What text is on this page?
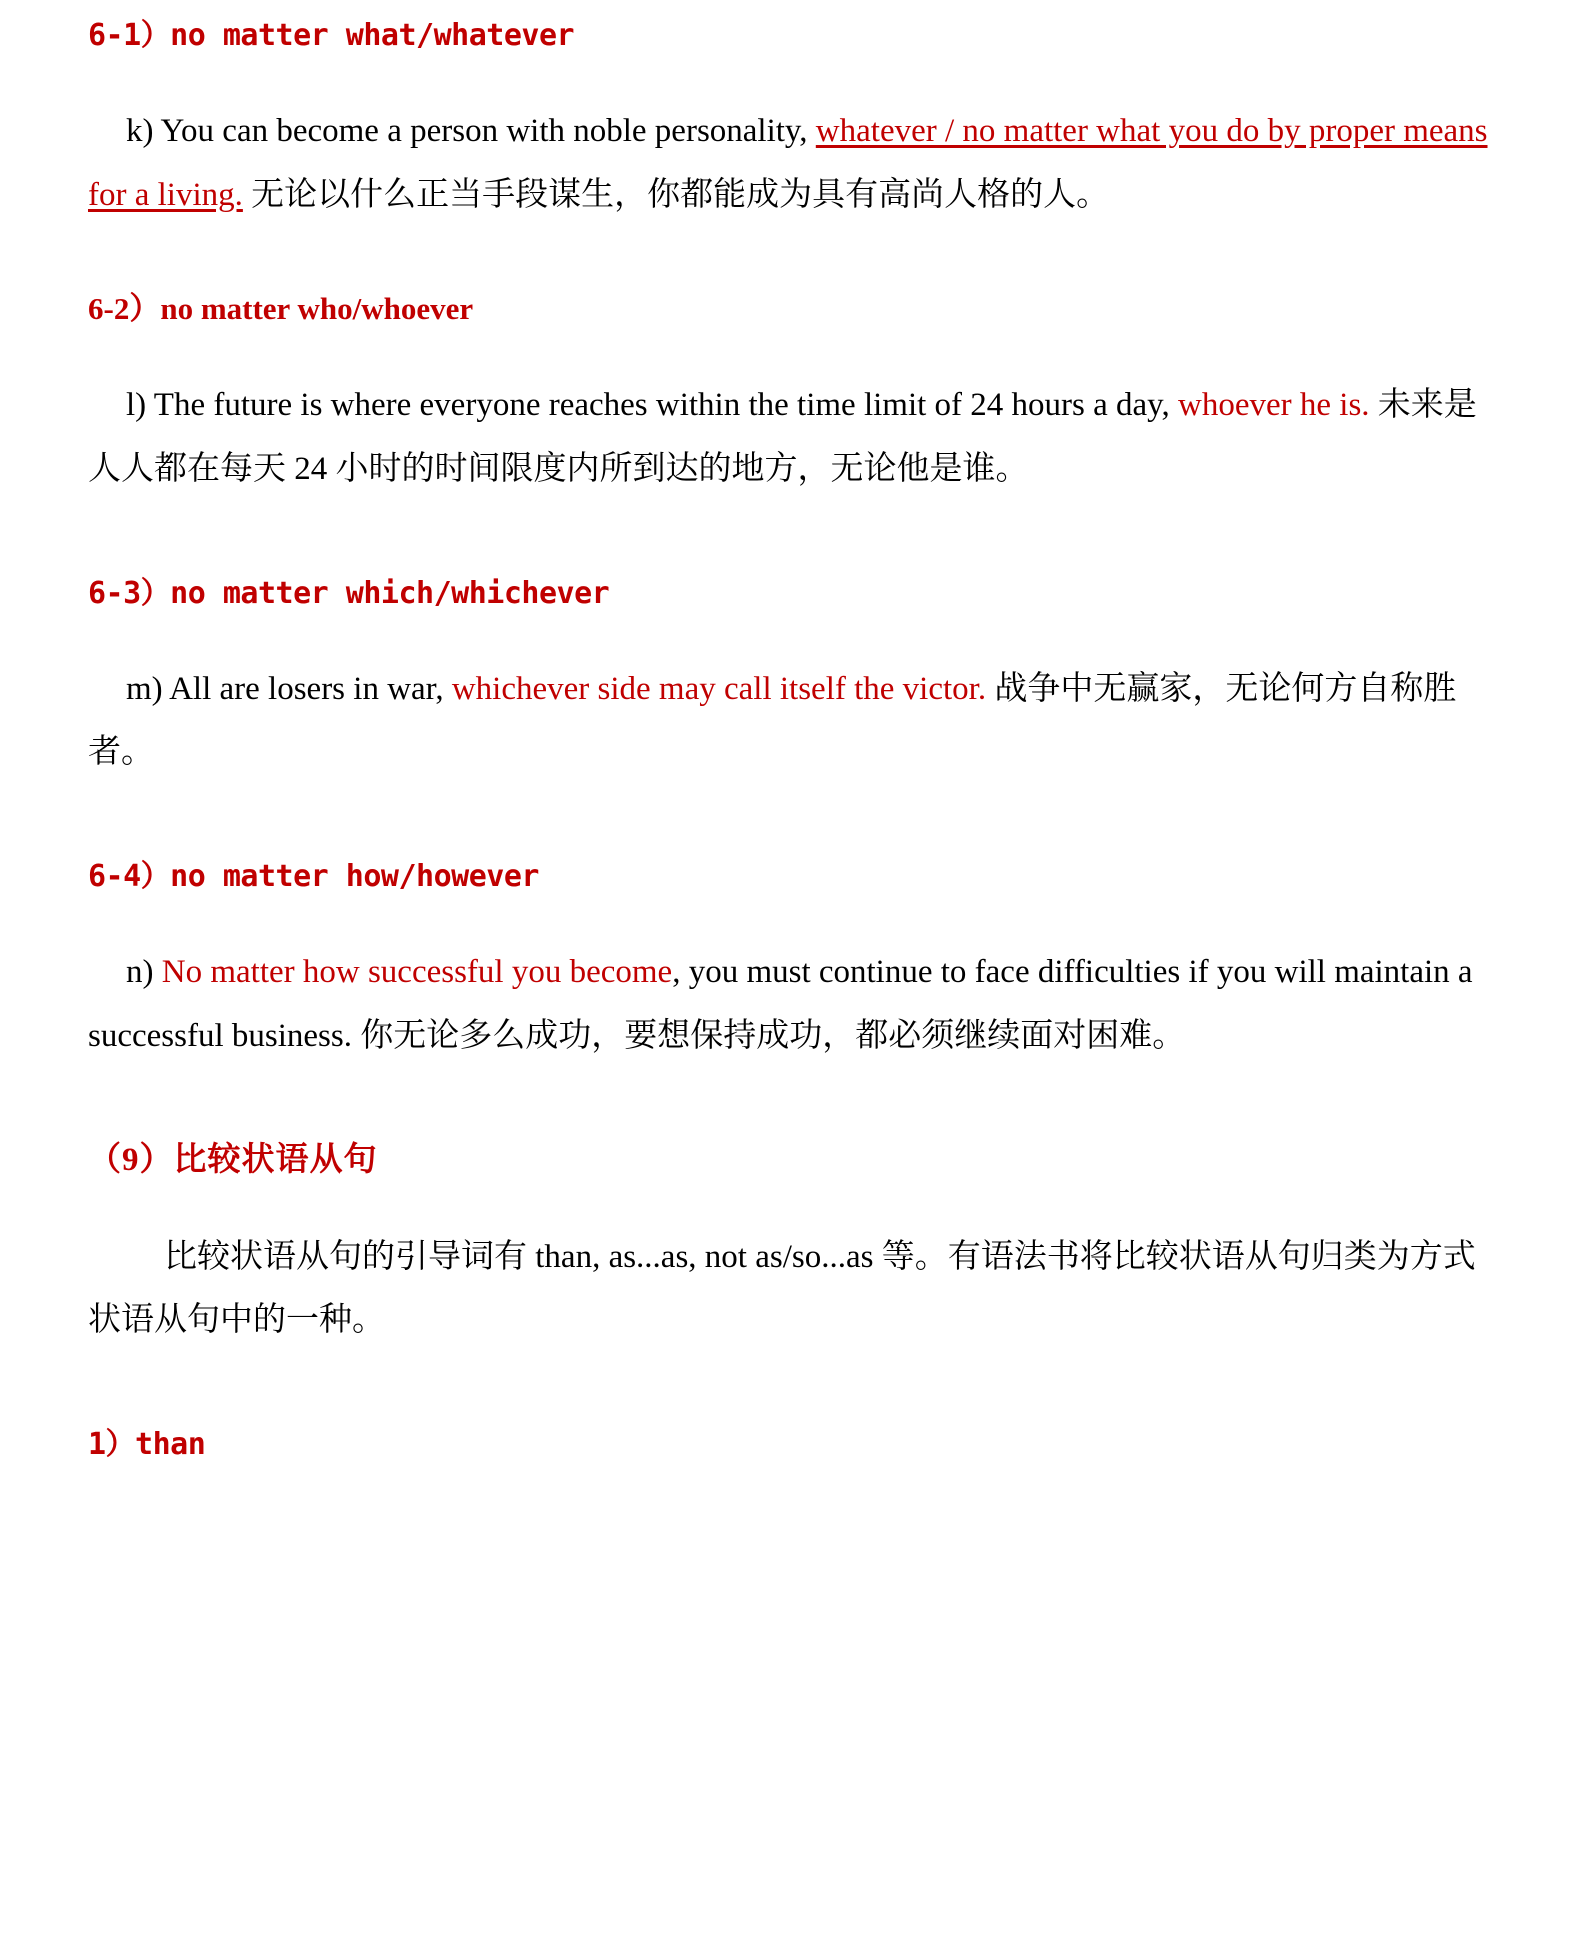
6-1）no matter what/whatever

k) You can become a person with noble personality, whatever / no matter what you do by proper means for a living. 无论以什么正当手段谋生，你都能成为具有高尚人格的人。

6-2）no matter who/whoever

l) The future is where everyone reaches within the time limit of 24 hours a day, whoever he is. 未来是人人都在每天 24 小时的时间限度内所到达的地方，无论他是谁。

6-3）no matter which/whichever

m) All are losers in war, whichever side may call itself the victor. 战争中无赢家，无论何方自称胜者。

6-4）no matter how/however

n) No matter how successful you become, you must continue to face difficulties if you will maintain a successful business. 你无论多么成功，要想保持成功，都必须继续面对困难。

（9）比较状语从句

比较状语从句的引导词有 than, as...as, not as/so...as 等。有语法书将比较状语从句归类为方式状语从句中的一种。

1）than
